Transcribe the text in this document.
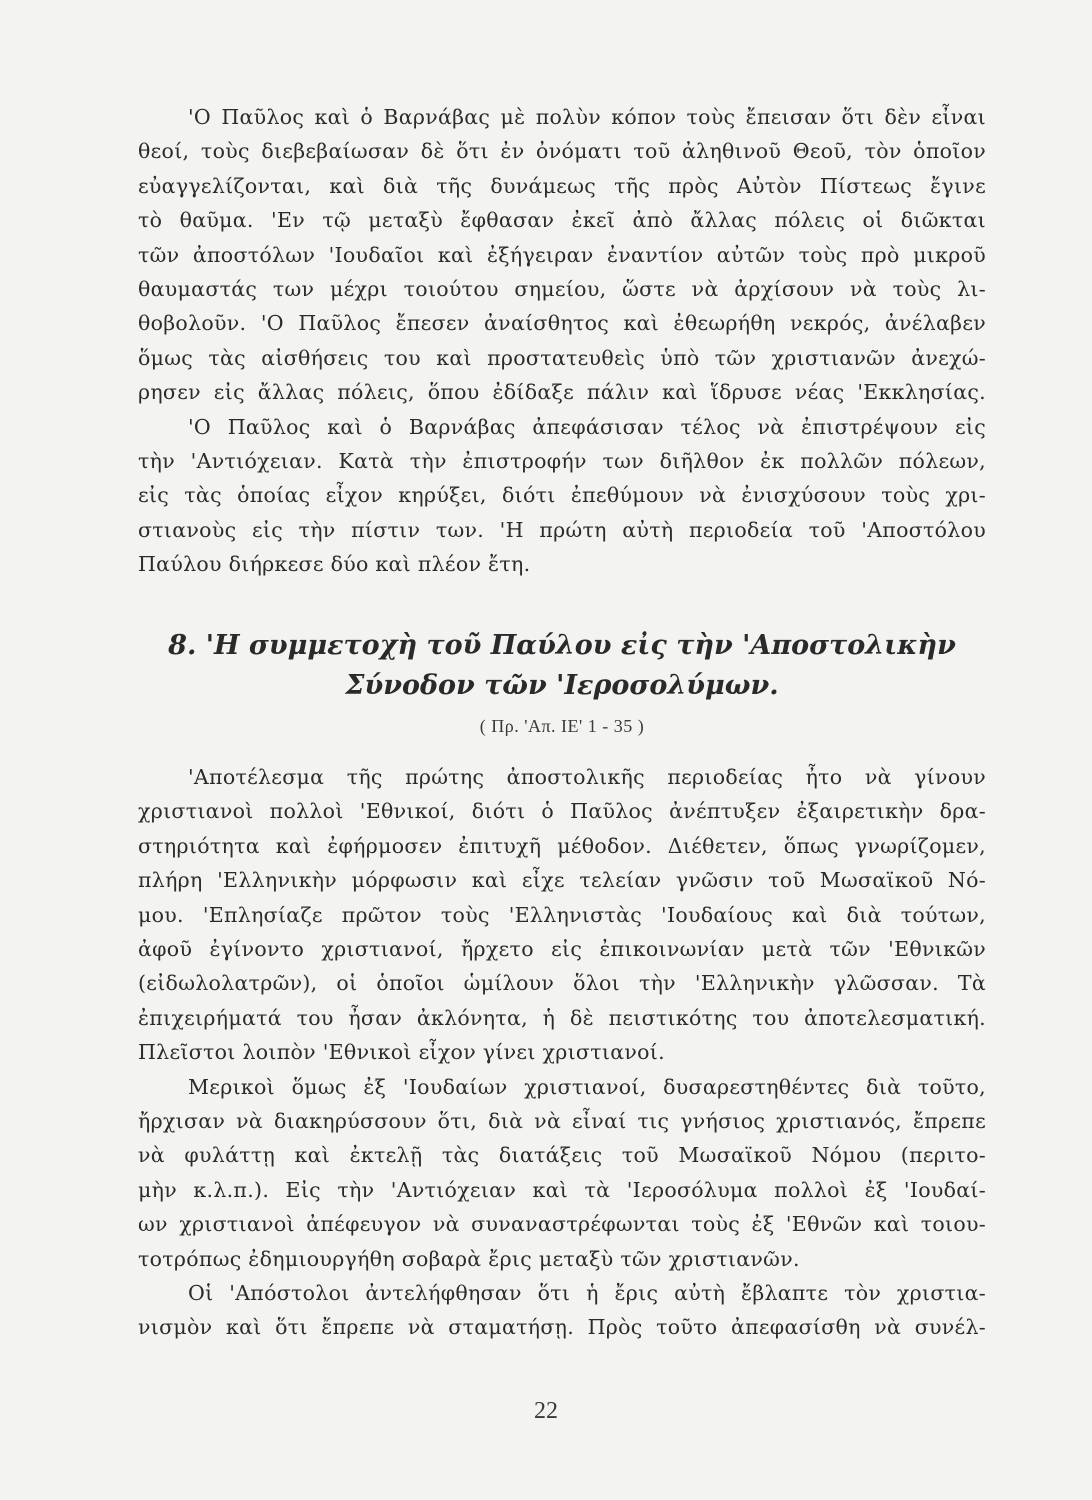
'Ο Παῦλος καὶ ὁ Βαρνάβας μὲ πολὺν κόπον τοὺς ἔπεισαν ὅτι δὲν εἶναι
θεοί, τοὺς διεβεβαίωσαν δὲ ὅτι ἐν ὀνόματι τοῦ ἀληθινοῦ Θεοῦ, τὸν ὁποῖον
εὐαγγελίζονται, καὶ διὰ τῆς δυνάμεως τῆς πρὸς Αὐτὸν Πίστεως ἔγινε
τὸ θαῦμα. 'Εν τῷ μεταξὺ ἔφθασαν ἐκεῖ ἀπὸ ἄλλας πόλεις οἱ διῶκται
τῶν ἀποστόλων 'Ιουδαῖοι καὶ ἐξήγειραν ἐναντίον αὐτῶν τοὺς πρὸ μικροῦ
θαυμαστάς των μέχρι τοιούτου σημείου, ὥστε νὰ ἀρχίσουν νὰ τοὺς λι-
θοβολοῦν. 'Ο Παῦλος ἔπεσεν ἀναίσθητος καὶ ἐθεωρήθη νεκρός, ἀνέλαβεν
ὅμως τὰς αἰσθήσεις του καὶ προστατευθεὶς ὑπὸ τῶν χριστιανῶν ἀνεχώ-
ρησεν εἰς ἄλλας πόλεις, ὅπου ἐδίδαξε πάλιν καὶ ἵδρυσε νέας 'Εκκλησίας.

'Ο Παῦλος καὶ ὁ Βαρνάβας ἀπεφάσισαν τέλος νὰ ἐπιστρέψουν εἰς
τὴν 'Αντιόχειαν. Κατὰ τὴν ἐπιστροφήν των διῆλθον ἐκ πολλῶν πόλεων,
εἰς τὰς ὁποίας εἶχον κηρύξει, διότι ἐπεθύμουν νὰ ἐνισχύσουν τοὺς χρι-
στιανοὺς εἰς τὴν πίστιν των. 'Η πρώτη αὐτὴ περιοδεία τοῦ 'Αποστόλου
Παύλου διήρκεσε δύο καὶ πλέον ἔτη.

8. 'Η συμμετοχὴ τοῦ Παύλου εἰς τὴν 'Αποστολικὴν
Σύνοδον τῶν 'Ιεροσολύμων.
( Πρ. 'Απ. ΙΕ' 1 - 35 )

'Αποτέλεσμα τῆς πρώτης ἀποστολικῆς περιοδείας ἦτο νὰ γίνουν
χριστιανοὶ πολλοὶ 'Εθνικοί, διότι ὁ Παῦλος ἀνέπτυξεν ἐξαιρετικὴν δρα-
στηριότητα καὶ ἐφήρμοσεν ἐπιτυχῆ μέθοδον. Διέθετεν, ὅπως γνωρίζομεν,
πλήρη 'Ελληνικὴν μόρφωσιν καὶ εἶχε τελείαν γνῶσιν τοῦ Μωσαϊκοῦ Νό-
μου. 'Επλησίαζε πρῶτον τοὺς 'Ελληνιστὰς 'Ιουδαίους καὶ διὰ τούτων,
ἀφοῦ ἐγίνοντο χριστιανοί, ἤρχετο εἰς ἐπικοινωνίαν μετὰ τῶν 'Εθνικῶν
(εἰδωλολατρῶν), οἱ ὁποῖοι ὡμίλουν ὅλοι τὴν 'Ελληνικὴν γλῶσσαν. Τὰ
ἐπιχειρήματά του ἦσαν ἀκλόνητα, ἡ δὲ πειστικότης του ἀποτελεσματική.
Πλεῖστοι λοιπὸν 'Εθνικοὶ εἶχον γίνει χριστιανοί.

Μερικοὶ ὅμως ἐξ 'Ιουδαίων χριστιανοί, δυσαρεστηθέντες διὰ τοῦτο,
ἤρχισαν νὰ διακηρύσσουν ὅτι, διὰ νὰ εἶναί τις γνήσιος χριστιανός, ἔπρεπε
νὰ φυλάττῃ καὶ ἐκτελῇ τὰς διατάξεις τοῦ Μωσαϊκοῦ Νόμου (περιτο-
μὴν κ.λ.π.). Εἰς τὴν 'Αντιόχειαν καὶ τὰ 'Ιεροσόλυμα πολλοὶ ἐξ 'Ιουδαί-
ων χριστιανοὶ ἀπέφευγον νὰ συναναστρέφωνται τοὺς ἐξ 'Εθνῶν καὶ τοιου-
τοτρόπως ἐδημιουργήθη σοβαρὰ ἔρις μεταξὺ τῶν χριστιανῶν.

Οἱ 'Απόστολοι ἀντελήφθησαν ὅτι ἡ ἔρις αὐτὴ ἔβλαπτε τὸν χριστια-
νισμὸν καὶ ὅτι ἔπρεπε νὰ σταματήσῃ. Πρὸς τοῦτο ἀπεφασίσθη νὰ συνέλ-

22
